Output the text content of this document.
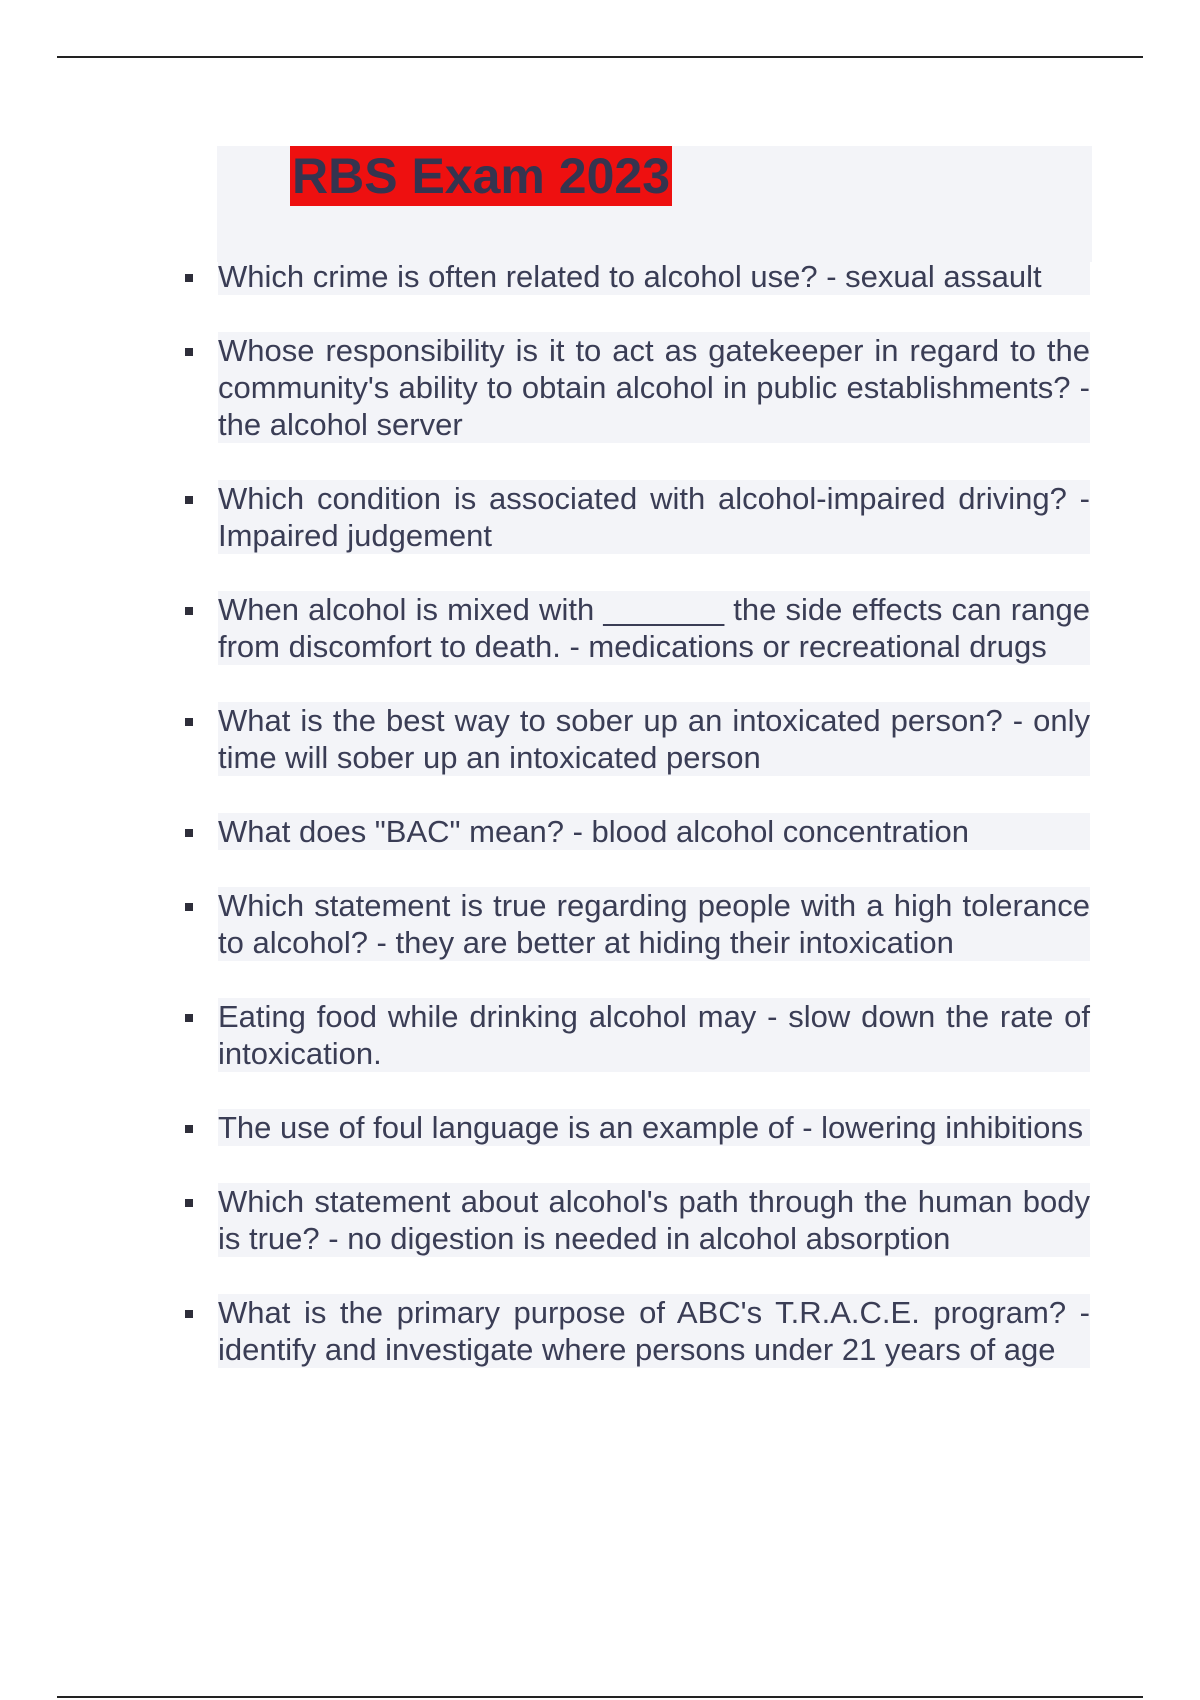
RBS Exam 2023
Which crime is often related to alcohol use? - sexual assault
Whose responsibility is it to act as gatekeeper in regard to the community's ability to obtain alcohol in public establishments? - the alcohol server
Which condition is associated with alcohol-impaired driving? - Impaired judgement
When alcohol is mixed with _______ the side effects can range from discomfort to death. - medications or recreational drugs
What is the best way to sober up an intoxicated person? - only time will sober up an intoxicated person
What does "BAC" mean? - blood alcohol concentration
Which statement is true regarding people with a high tolerance to alcohol? - they are better at hiding their intoxication
Eating food while drinking alcohol may - slow down the rate of intoxication.
The use of foul language is an example of - lowering inhibitions
Which statement about alcohol's path through the human body is true? - no digestion is needed in alcohol absorption
What is the primary purpose of ABC's T.R.A.C.E. program? - identify and investigate where persons under 21 years of age
